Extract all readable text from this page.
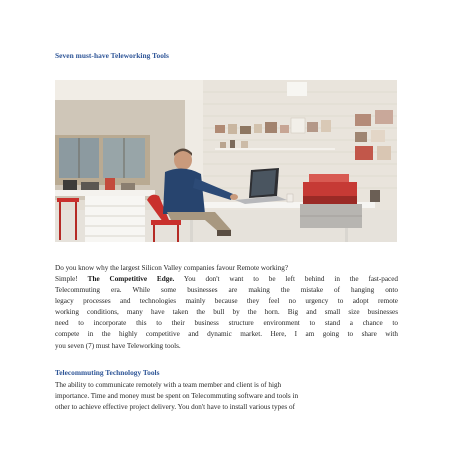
Seven must-have Teleworking Tools
Do you know why the largest Silicon Valley companies favour Remote working?
Simple! The Competitive Edge. You don't want to be left behind in the fast-paced
Telecommuting era. While some businesses are making the mistake of hanging onto
legacy processes and technologies mainly because they feel no urgency to adopt remote
working conditions, many have taken the bull by the horn. Big and small size businesses
need to incorporate this to their business structure environment to stand a chance to
compete in the highly competitive and dynamic market. Here, I am going to share with
you seven (7) must have Teleworking tools.
Telecommuting Technology Tools
The ability to communicate remotely with a team member and client is of high
importance. Time and money must be spent on Telecommuting software and tools in
other to achieve effective project delivery. You don't have to install various types of
